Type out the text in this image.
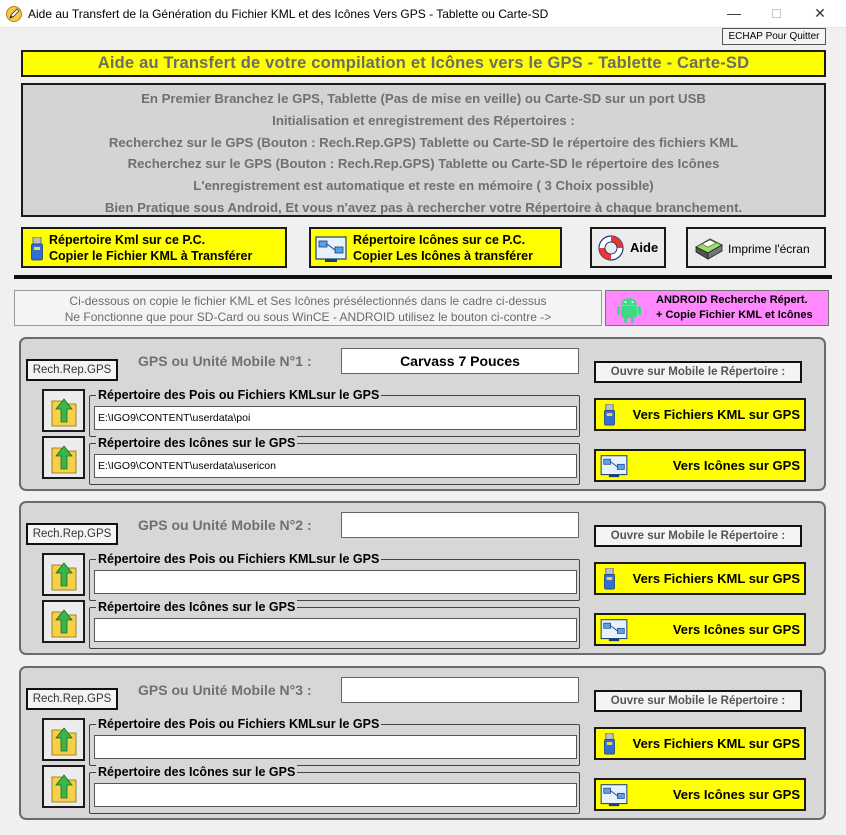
Aide au Transfert de la Génération du Fichier KML et des Icônes Vers GPS - Tablette ou Carte-SD	—	✕
ECHAP Pour Quitter
Aide au Transfert de votre compilation et Icônes vers le GPS - Tablette - Carte-SD
En Premier Branchez le GPS, Tablette (Pas de mise en veille) ou Carte-SD sur un port USB
Initialisation et enregistrement des Répertoires :
Recherchez sur le GPS (Bouton : Rech.Rep.GPS) Tablette ou Carte-SD le répertoire des fichiers KML
Recherchez sur le GPS (Bouton : Rech.Rep.GPS) Tablette ou Carte-SD le répertoire des Icônes
L'enregistrement est automatique et reste en mémoire ( 3 Choix possible)
Bien Pratique sous Android, Et vous n'avez pas à rechercher votre Répertoire à chaque branchement.
Répertoire Kml sur ce P.C.
Copier le Fichier KML à Transférer
Répertoire Icônes sur ce P.C.
Copier Les Icônes à transférer
Aide	Imprime l'écran
Ci-dessous on copie le fichier KML et Ses Icônes présélectionnés dans le cadre ci-dessus
Ne Fonctionne que pour SD-Card ou sous WinCE - ANDROID utilisez le bouton ci-contre ->
ANDROID Recherche Répert.
+ Copie Fichier KML et Icônes
Rech.Rep.GPS
GPS ou Unité Mobile N°1 :	Carvass 7 Pouces
Ouvre sur Mobile le Répertoire :
Répertoire des Pois ou Fichiers KMLsur le GPS
E:\IGO9\CONTENT\userdata\poi	Vers Fichiers KML sur GPS
Répertoire des Icônes sur le GPS
E:\IGO9\CONTENT\userdata\usericon	Vers Icônes sur GPS
Rech.Rep.GPS
GPS ou Unité Mobile N°2 :
Ouvre sur Mobile le Répertoire :
Répertoire des Pois ou Fichiers KMLsur le GPS
Vers Fichiers KML sur GPS
Répertoire des Icônes sur le GPS
Vers Icônes sur GPS
Rech.Rep.GPS
GPS ou Unité Mobile N°3 :
Ouvre sur Mobile le Répertoire :
Répertoire des Pois ou Fichiers KMLsur le GPS
Vers Fichiers KML sur GPS
Répertoire des Icônes sur le GPS
Vers Icônes sur GPS
